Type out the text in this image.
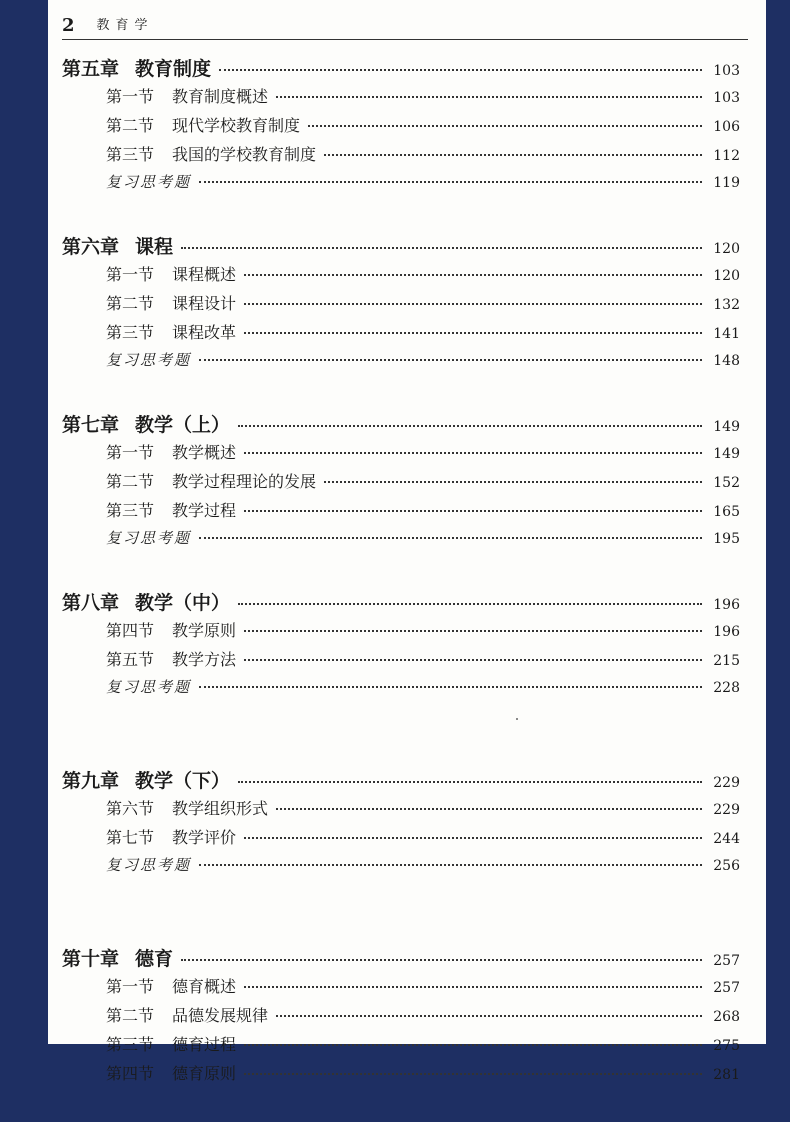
2 教育学
第五章 教育制度	103
第一节 教育制度概述	103
第二节 现代学校教育制度	106
第三节 我国的学校教育制度	112
复习思考题	119
第六章 课程	120
第一节 课程概述	120
第二节 课程设计	132
第三节 课程改革	141
复习思考题	148
第七章 教学（上）	149
第一节 教学概述	149
第二节 教学过程理论的发展	152
第三节 教学过程	165
复习思考题	195
第八章 教学（中）	196
第四节 教学原则	196
第五节 教学方法	215
复习思考题	228
第九章 教学（下）	229
第六节 教学组织形式	229
第七节 教学评价	244
复习思考题	256
第十章 德育	257
第一节 德育概述	257
第二节 品德发展规律	268
第三节 德育过程	275
第四节 德育原则	281
